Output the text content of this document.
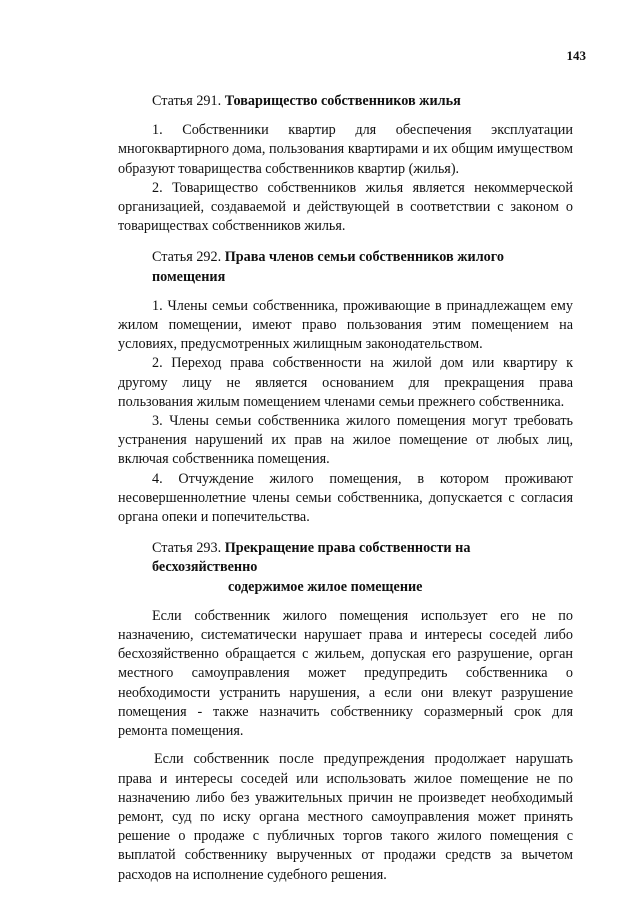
143
Статья 291. Товарищество собственников жилья

1. Собственники квартир для обеспечения эксплуатации многоквартирного дома, пользования квартирами и их общим имуществом образуют товарищества собственников квартир (жилья).

2. Товарищество собственников жилья является некоммерческой организацией, создаваемой и действующей в соответствии с законом о товариществах собственников жилья.

Статья 292. Права членов семьи собственников жилого помещения

1. Члены семьи собственника, проживающие в принадлежащем ему жилом помещении, имеют право пользования этим помещением на условиях, предусмотренных жилищным законодательством.

2. Переход права собственности на жилой дом или квартиру к другому лицу не является основанием для прекращения права пользования жилым помещением членами семьи прежнего собственника.

3. Члены семьи собственника жилого помещения могут требовать устранения нарушений их прав на жилое помещение от любых лиц, включая собственника помещения.

4. Отчуждение жилого помещения, в котором проживают несовершеннолетние члены семьи собственника, допускается с согласия органа опеки и попечительства.

Статья 293. Прекращение права собственности на бесхозяйственно
содержимое жилое помещение

Если собственник жилого помещения использует его не по назначению, систематически нарушает права и интересы соседей либо бесхозяйственно обращается с жильем, допуская его разрушение, орган местного самоуправления может предупредить собственника о необходимости устранить нарушения, а если они влекут разрушение помещения - также назначить собственнику соразмерный срок для ремонта помещения.

Если собственник после предупреждения продолжает нарушать права и интересы соседей или использовать жилое помещение не по назначению либо без уважительных причин не произведет необходимый ремонт, суд по иску органа местного самоуправления может принять решение о продаже с публичных торгов такого жилого помещения с выплатой собственнику вырученных от продажи средств за вычетом расходов на исполнение судебного решения.
